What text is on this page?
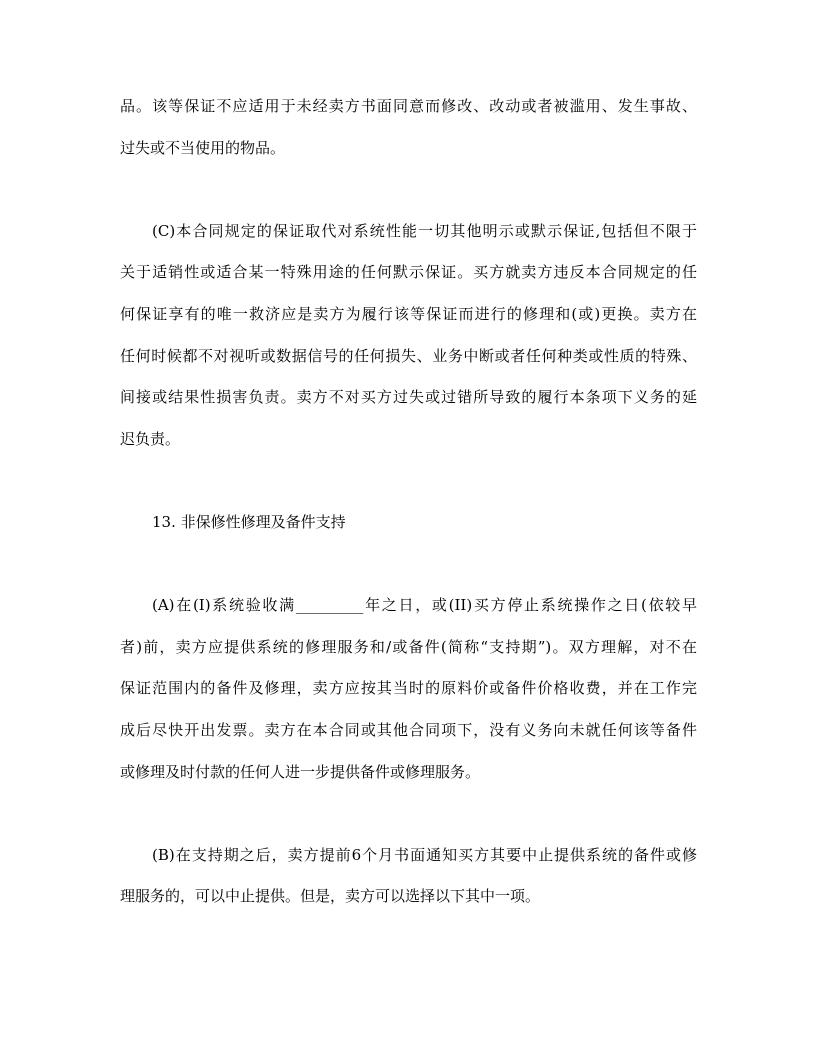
品。该等保证不应适用于未经卖方书面同意而修改、改动或者被滥用、发生事故、
过失或不当使用的物品。
(C)本合同规定的保证取代对系统性能一切其他明示或默示保证,包括但不限于
关于适销性或适合某一特殊用途的任何默示保证。买方就卖方违反本合同规定的任
何保证享有的唯一救济应是卖方为履行该等保证而进行的修理和(或)更换。卖方在
任何时候都不对视听或数据信号的任何损失、业务中断或者任何种类或性质的特殊、
间接或结果性损害负责。卖方不对买方过失或过错所导致的履行本条项下义务的延
迟负责。
13. 非保修性修理及备件支持
(A)在(I)系统验收满_________年之日，或(II)买方停止系统操作之日(依较早
者)前，卖方应提供系统的修理服务和/或备件(简称“支持期”)。双方理解，对不在
保证范围内的备件及修理，卖方应按其当时的原料价或备件价格收费，并在工作完
成后尽快开出发票。卖方在本合同或其他合同项下，没有义务向未就任何该等备件
或修理及时付款的任何人进一步提供备件或修理服务。
(B)在支持期之后，卖方提前6个月书面通知买方其要中止提供系统的备件或修
理服务的，可以中止提供。但是，卖方可以选择以下其中一项。
